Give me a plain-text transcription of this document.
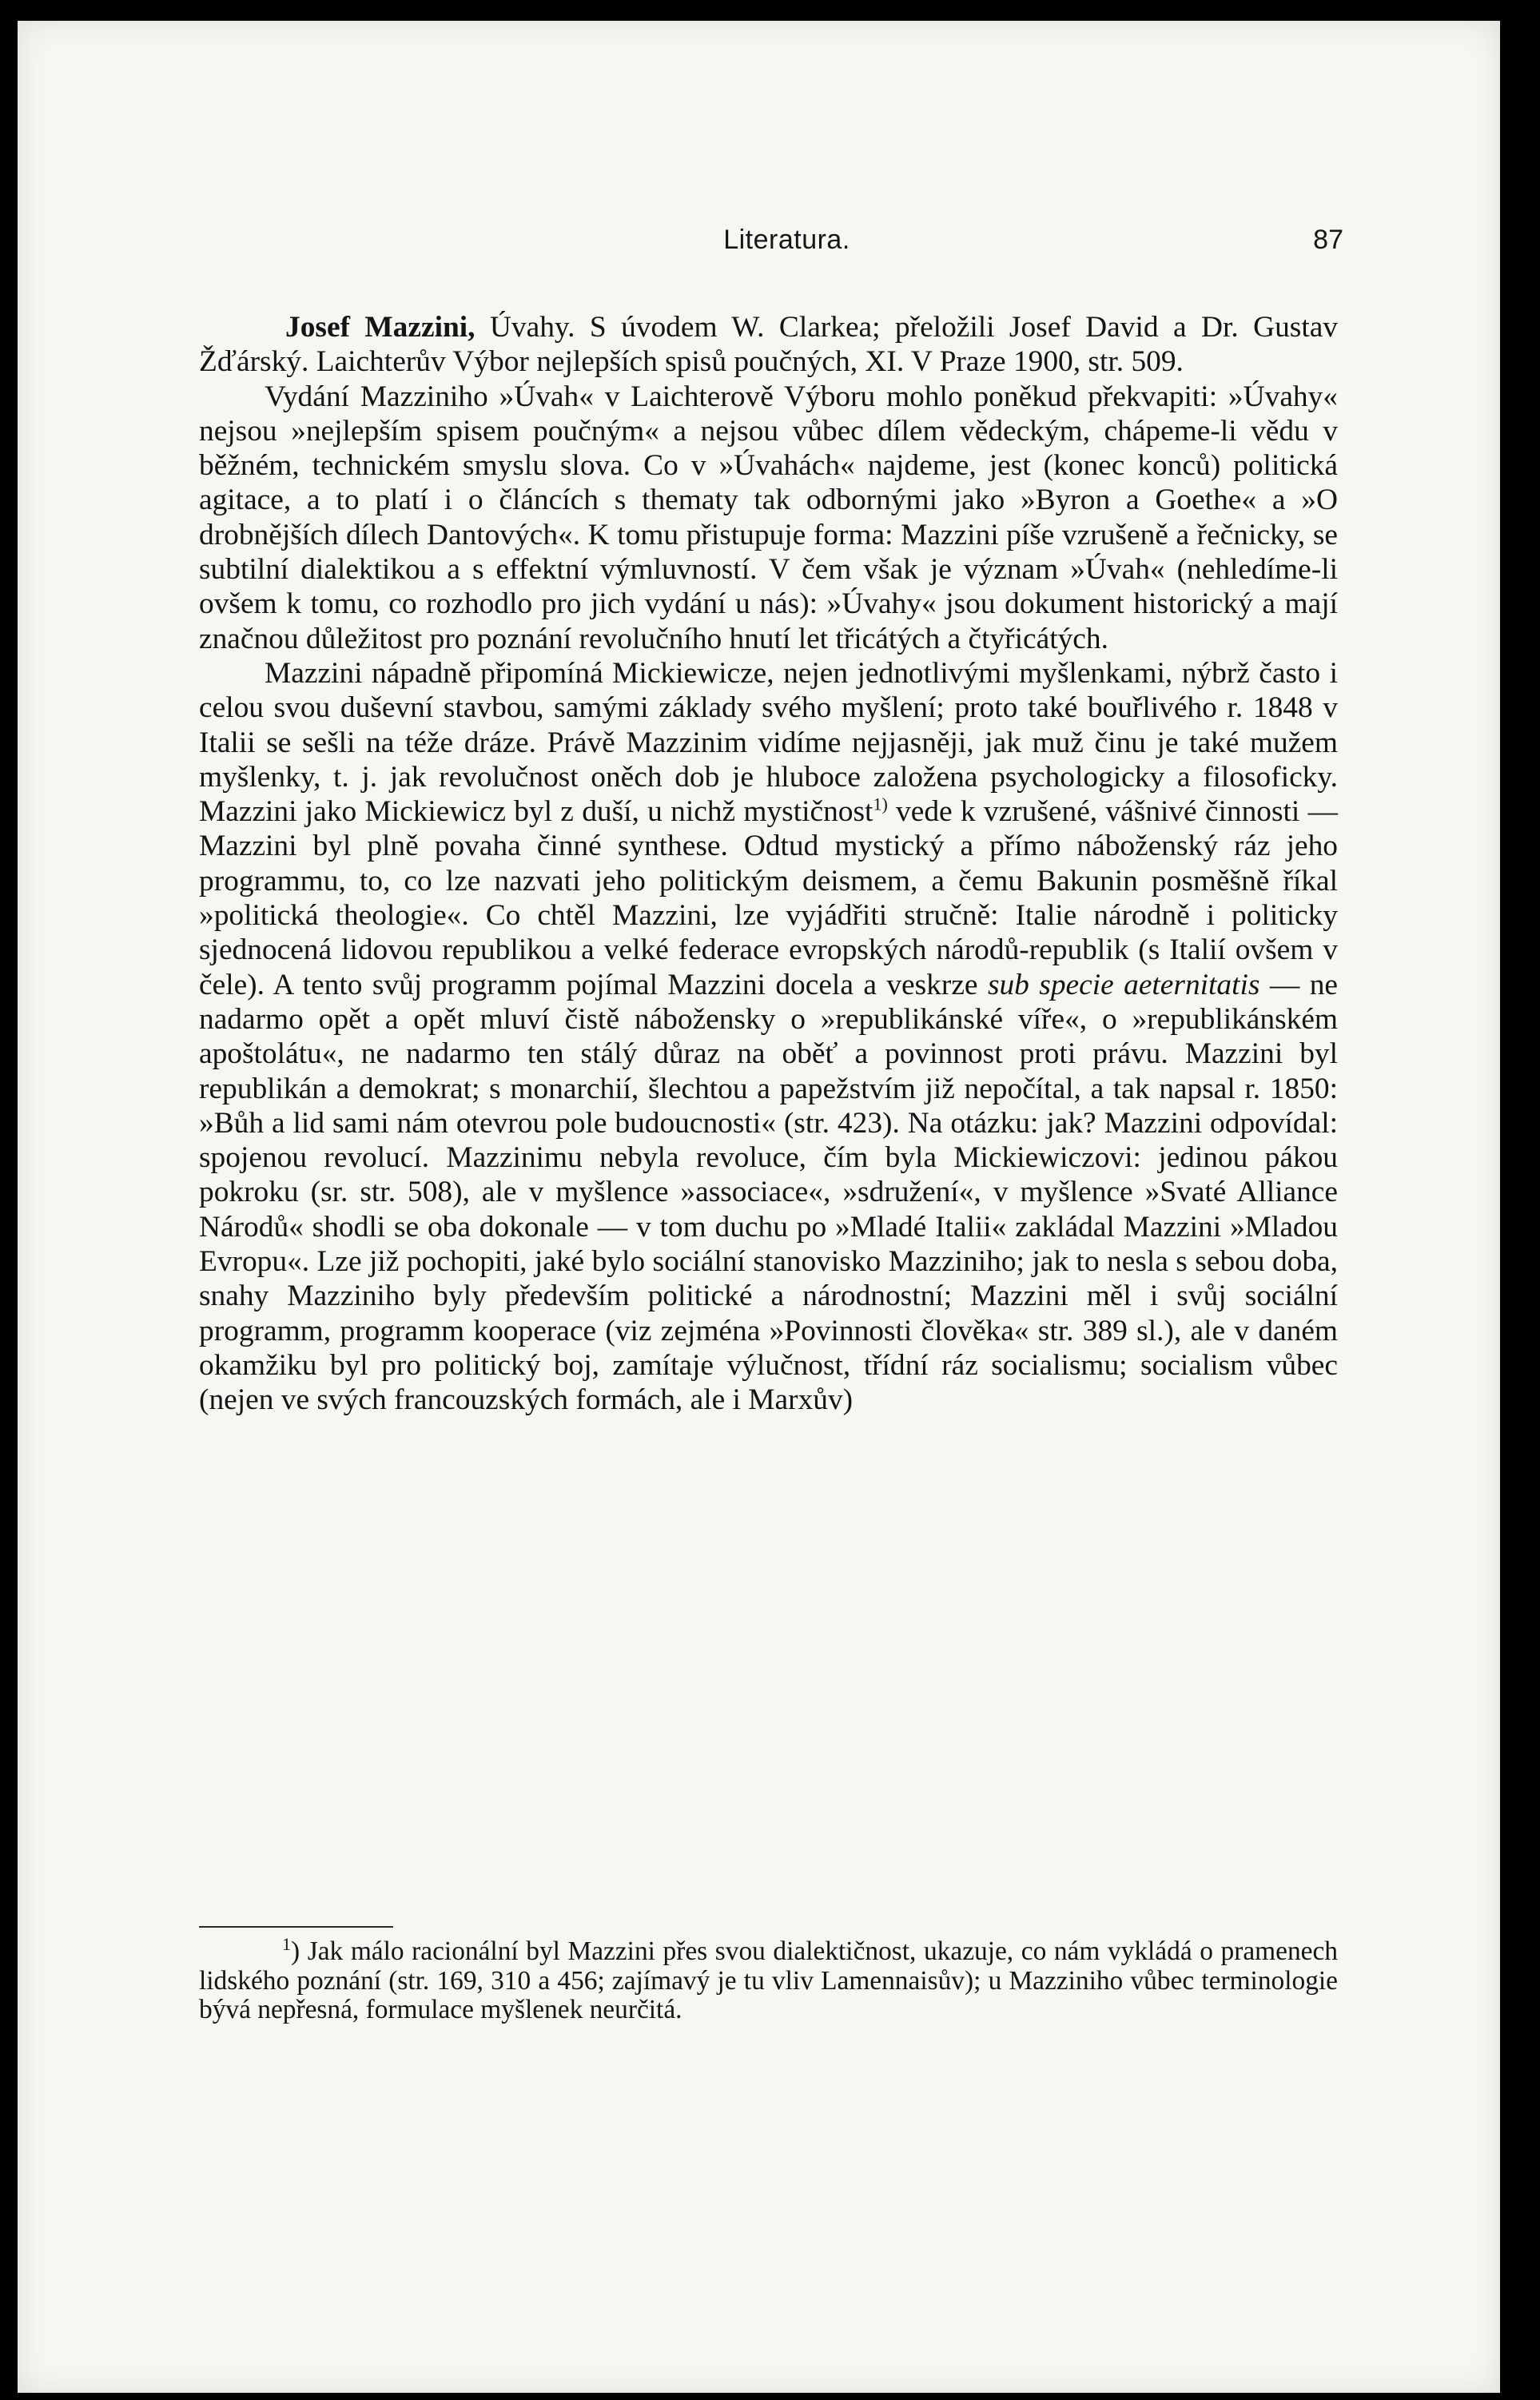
Literatura.	87

Josef Mazzini, Úvahy. S úvodem W. Clarkea; přeložili Josef David a Dr. Gustav Žďárský. Laichterův Výbor nejlepších spisů poučných, XI. V Praze 1900, str. 509.

Vydání Mazziniho »Úvah« v Laichterově Výboru mohlo poněkud překvapiti: »Úvahy« nejsou »nejlepším spisem poučným« a nejsou vůbec dílem vědeckým, chápeme-li vědu v běžném, technickém smyslu slova. Co v »Úvahách« najdeme, jest (konec konců) politická agitace, a to platí i o článcích s thematy tak odbornými jako »Byron a Goethe« a »O drobnějších dílech Dantových«. K tomu přistupuje forma: Mazzini píše vzrušeně a řečnicky, se subtilní dialektikou a s effektní výmluvností. V čem však je význam »Úvah« (nehledíme-li ovšem k tomu, co rozhodlo pro jich vydání u nás): »Úvahy« jsou dokument historický a mají značnou důležitost pro poznání revolučního hnutí let třicátých a čtyřicátých.

Mazzini nápadně připomíná Mickiewicze, nejen jednotlivými myšlenkami, nýbrž často i celou svou duševní stavbou, samými základy svého myšlení; proto také bouřlivého r. 1848 v Italii se sešli na téže dráze. Právě Mazzinim vidíme nejjasněji, jak muž činu je také mužem myšlenky, t. j. jak revolučnost oněch dob je hluboce založena psychologicky a filosoficky. Mazzini jako Mickiewicz byl z duší, u nichž mystičnost$^{1)}$ vede k vzrušené, vášnivé činnosti — Mazzini byl plně povaha činné synthese. Odtud mystický a přímo náboženský ráz jeho programmu, to, co lze nazvati jeho politickým deismem, a čemu Bakunin posměšně říkal »politická theologie«. Co chtěl Mazzini, lze vyjádřiti stručně: Italie národně i politicky sjednocená lidovou republikou a velké federace evropských národů-republik (s Italií ovšem v čele). A tento svůj programm pojímal Mazzini docela a veskrze sub specie aeternitatis — ne nadarmo opět a opět mluví čistě nábožensky o »republikánské víře«, o »republikánském apoštolátu«, ne nadarmo ten stálý důraz na oběť a povinnost proti právu. Mazzini byl republikán a demokrat; s monarchií, šlechtou a papežstvím již nepočítal, a tak napsal r. 1850: »Bůh a lid sami nám otevrou pole budoucnosti« (str. 423). Na otázku: jak? Mazzini odpovídal: spojenou revolucí. Mazzinimu nebyla revoluce, čím byla Mickiewiczovi: jedinou pákou pokroku (sr. str. 508), ale v myšlence »associace«, »sdružení«, v myšlence »Svaté Alliance Národů« shodli se oba dokonale — v tom duchu po »Mladé Italii« zakládal Mazzini »Mladou Evropu«. Lze již pochopiti, jaké bylo sociální stanovisko Mazziniho; jak to nesla s sebou doba, snahy Mazziniho byly především politické a národnostní; Mazzini měl i svůj sociální programm, programm kooperace (viz zejména »Povinnosti člověka« str. 389 sl.), ale v daném okamžiku byl pro politický boj, zamítaje výlučnost, třídní ráz socialismu; socialism vůbec (nejen ve svých francouzských formách, ale i Marxův)

$^1$) Jak málo racionální byl Mazzini přes svou dialektičnost, ukazuje, co nám vykládá o pramenech lidského poznání (str. 169, 310 a 456; zajímavý je tu vliv Lamennaisův); u Mazziniho vůbec terminologie bývá nepřesná, formulace myšlenek neurčitá.
